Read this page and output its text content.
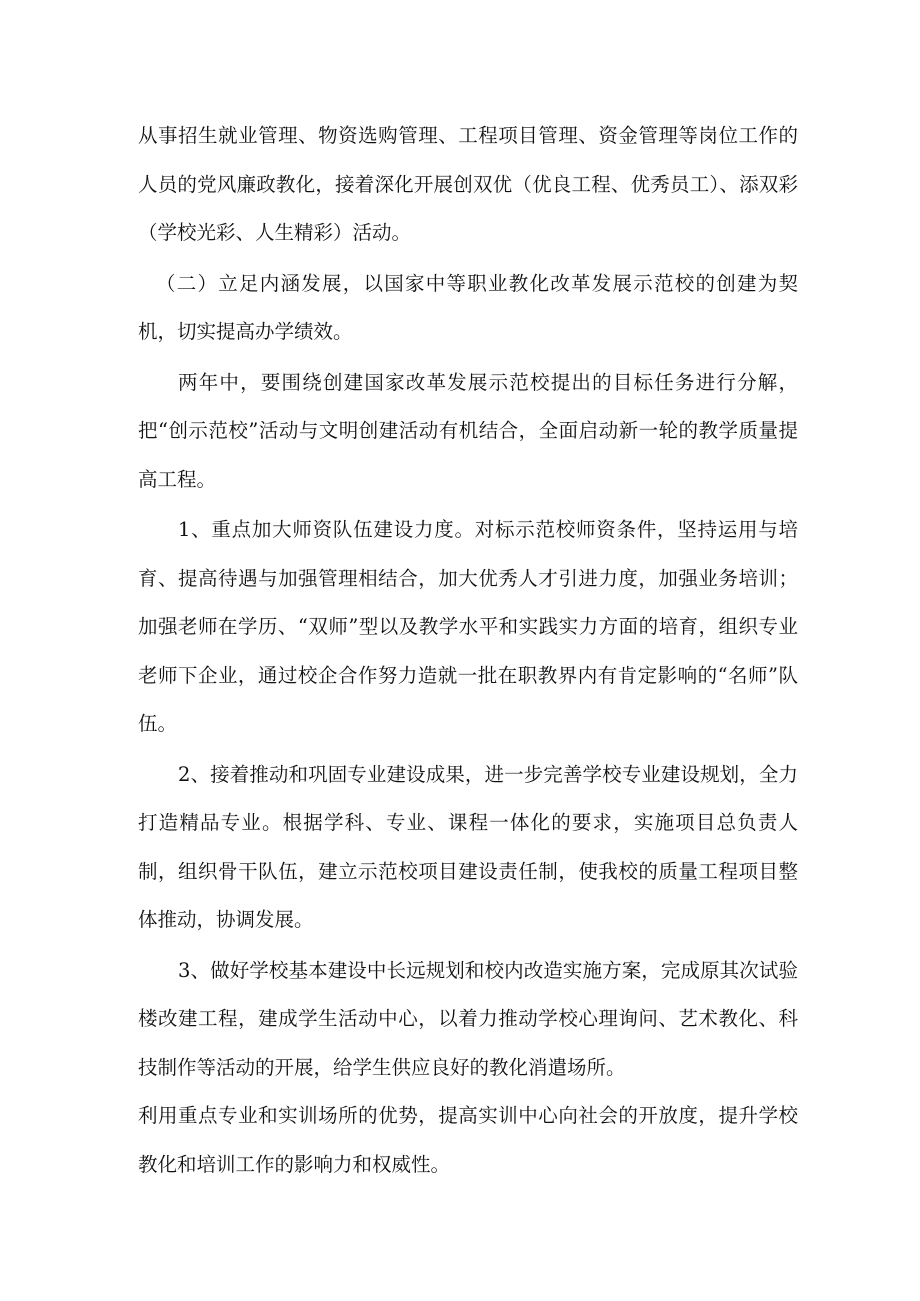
从事招生就业管理、物资选购管理、工程项目管理、资金管理等岗位工作的人员的党风廉政教化，接着深化开展创双优（优良工程、优秀员工）、添双彩（学校光彩、人生精彩）活动。

（二）立足内涵发展，以国家中等职业教化改革发展示范校的创建为契机，切实提高办学绩效。

两年中，要围绕创建国家改革发展示范校提出的目标任务进行分解，把“创示范校”活动与文明创建活动有机结合，全面启动新一轮的教学质量提高工程。

1、重点加大师资队伍建设力度。对标示范校师资条件，坚持运用与培育、提高待遇与加强管理相结合，加大优秀人才引进力度，加强业务培训；加强老师在学历、“双师”型以及教学水平和实践实力方面的培育，组织专业老师下企业，通过校企合作努力造就一批在职教界内有肯定影响的“名师”队伍。

2、接着推动和巩固专业建设成果，进一步完善学校专业建设规划，全力打造精品专业。根据学科、专业、课程一体化的要求，实施项目总负责人制，组织骨干队伍，建立示范校项目建设责任制，使我校的质量工程项目整体推动，协调发展。

3、做好学校基本建设中长远规划和校内改造实施方案，完成原其次试验楼改建工程，建成学生活动中心，以着力推动学校心理询问、艺术教化、科技制作等活动的开展，给学生供应良好的教化消遣场所。

利用重点专业和实训场所的优势，提高实训中心向社会的开放度，提升学校教化和培训工作的影响力和权威性。
